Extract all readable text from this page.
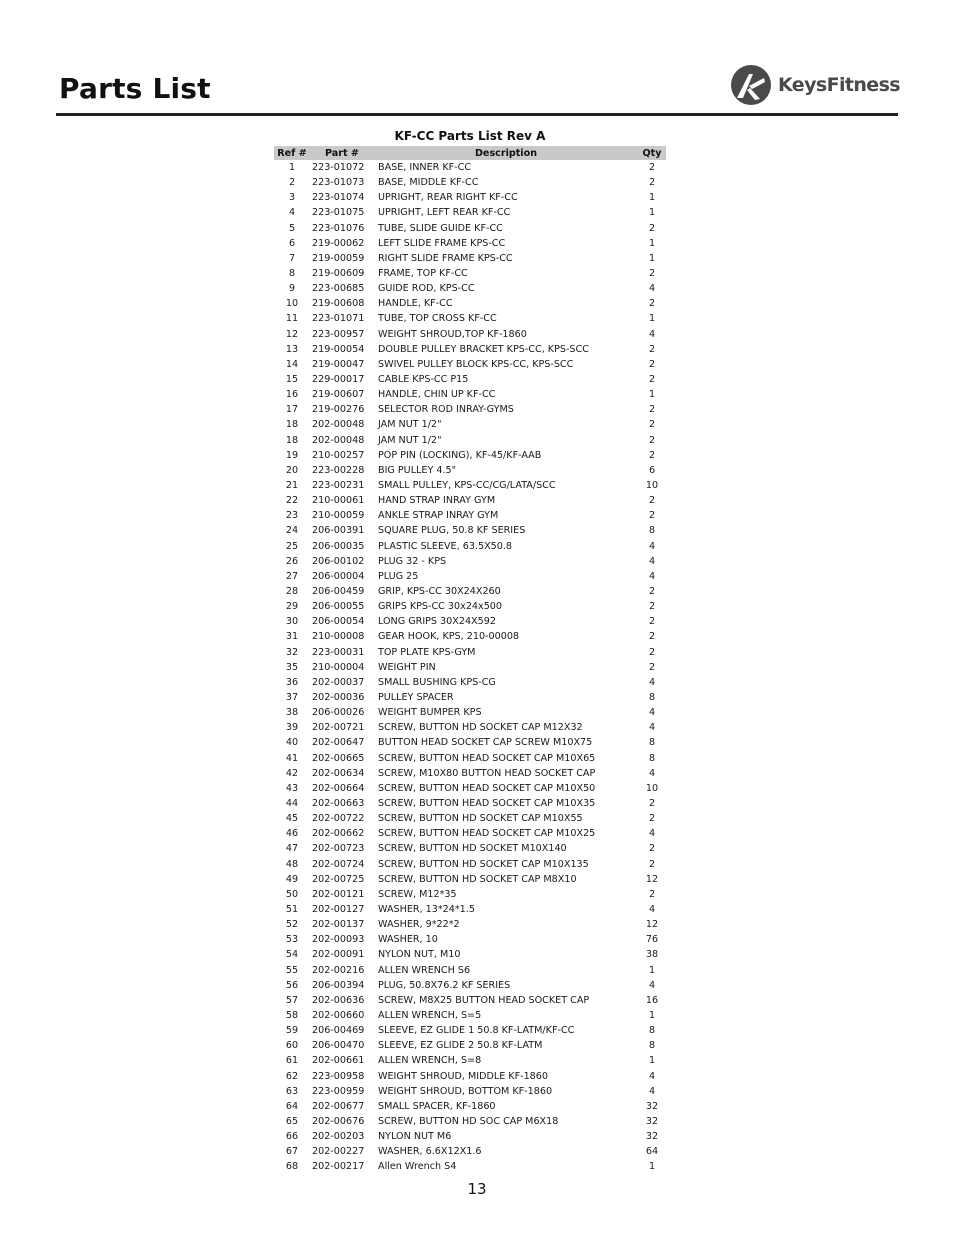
Parts List	KeysFitness
KF-CC Parts List Rev A
Ref #	Part #	Description	Qty
1	223-01072	BASE, INNER KF-CC	2
2	223-01073	BASE, MIDDLE KF-CC	2
3	223-01074	UPRIGHT, REAR RIGHT KF-CC	1
4	223-01075	UPRIGHT, LEFT REAR KF-CC	1
5	223-01076	TUBE, SLIDE GUIDE KF-CC	2
6	219-00062	LEFT SLIDE FRAME KPS-CC	1
7	219-00059	RIGHT SLIDE FRAME KPS-CC	1
8	219-00609	FRAME, TOP KF-CC	2
9	223-00685	GUIDE ROD, KPS-CC	4
10	219-00608	HANDLE, KF-CC	2
11	223-01071	TUBE, TOP CROSS KF-CC	1
12	223-00957	WEIGHT SHROUD,TOP KF-1860	4
13	219-00054	DOUBLE PULLEY BRACKET KPS-CC, KPS-SCC	2
14	219-00047	SWIVEL PULLEY BLOCK KPS-CC, KPS-SCC	2
15	229-00017	CABLE KPS-CC P15	2
16	219-00607	HANDLE, CHIN UP KF-CC	1
17	219-00276	SELECTOR ROD INRAY-GYMS	2
18	202-00048	JAM NUT 1/2"	2
18	202-00048	JAM NUT 1/2"	2
19	210-00257	POP PIN (LOCKING), KF-45/KF-AAB	2
20	223-00228	BIG PULLEY 4.5"	6
21	223-00231	SMALL PULLEY, KPS-CC/CG/LATA/SCC	10
22	210-00061	HAND STRAP INRAY GYM	2
23	210-00059	ANKLE STRAP INRAY GYM	2
24	206-00391	SQUARE PLUG, 50.8 KF SERIES	8
25	206-00035	PLASTIC SLEEVE, 63.5X50.8	4
26	206-00102	PLUG 32 - KPS	4
27	206-00004	PLUG 25	4
28	206-00459	GRIP, KPS-CC 30X24X260	2
29	206-00055	GRIPS KPS-CC 30x24x500	2
30	206-00054	LONG GRIPS 30X24X592	2
31	210-00008	GEAR HOOK, KPS, 210-00008	2
32	223-00031	TOP PLATE KPS-GYM	2
35	210-00004	WEIGHT PIN	2
36	202-00037	SMALL BUSHING KPS-CG	4
37	202-00036	PULLEY SPACER	8
38	206-00026	WEIGHT BUMPER KPS	4
39	202-00721	SCREW, BUTTON HD SOCKET CAP M12X32	4
40	202-00647	BUTTON HEAD SOCKET CAP SCREW M10X75	8
41	202-00665	SCREW, BUTTON HEAD SOCKET CAP M10X65	8
42	202-00634	SCREW, M10X80 BUTTON HEAD SOCKET CAP	4
43	202-00664	SCREW, BUTTON HEAD SOCKET CAP M10X50	10
44	202-00663	SCREW, BUTTON HEAD SOCKET CAP M10X35	2
45	202-00722	SCREW, BUTTON HD SOCKET CAP M10X55	2
46	202-00662	SCREW, BUTTON HEAD SOCKET CAP M10X25	4
47	202-00723	SCREW, BUTTON HD SOCKET M10X140	2
48	202-00724	SCREW, BUTTON HD SOCKET CAP M10X135	2
49	202-00725	SCREW, BUTTON HD SOCKET CAP M8X10	12
50	202-00121	SCREW, M12*35	2
51	202-00127	WASHER, 13*24*1.5	4
52	202-00137	WASHER, 9*22*2	12
53	202-00093	WASHER, 10	76
54	202-00091	NYLON NUT, M10	38
55	202-00216	ALLEN WRENCH S6	1
56	206-00394	PLUG, 50.8X76.2 KF SERIES	4
57	202-00636	SCREW, M8X25 BUTTON HEAD SOCKET CAP	16
58	202-00660	ALLEN WRENCH, S=5	1
59	206-00469	SLEEVE, EZ GLIDE 1 50.8 KF-LATM/KF-CC	8
60	206-00470	SLEEVE, EZ GLIDE 2 50.8 KF-LATM	8
61	202-00661	ALLEN WRENCH, S=8	1
62	223-00958	WEIGHT SHROUD, MIDDLE KF-1860	4
63	223-00959	WEIGHT SHROUD, BOTTOM KF-1860	4
64	202-00677	SMALL SPACER, KF-1860	32
65	202-00676	SCREW, BUTTON HD SOC CAP M6X18	32
66	202-00203	NYLON NUT M6	32
67	202-00227	WASHER, 6.6X12X1.6	64
68	202-00217	Allen Wrench S4	1
13
